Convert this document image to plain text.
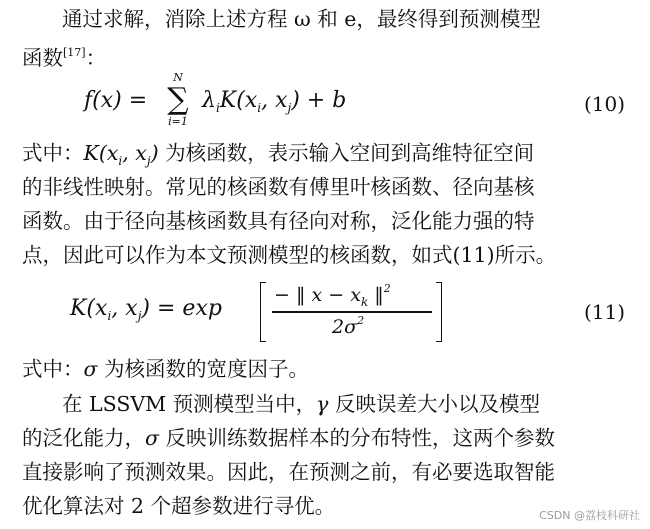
通过求解，消除上述方程 ω 和 e，最终得到预测模型
函数[17]：
f(x) =
N
∑
i=1
$\lambda_iK(x_i$, $x_j) + b$	(10)
式中：$K(x_i$, $x_j$) 为核函数，表示输入空间到高维特征空间
的非线性映射。常见的核函数有傅里叶核函数、径向基核
函数。由于径向基核函数具有径向对称，泛化能力强的特
点，因此可以作为本文预测模型的核函数，如式(11)所示。
$K(x_i$, $x_j) = \exp$
− ‖ $x - x_k$ ‖$^2$
$2\sigma^2$	(11)
式中：σ 为核函数的宽度因子。
在 LSSVM 预测模型当中，γ 反映误差大小以及模型
的泛化能力，σ 反映训练数据样本的分布特性，这两个参数
直接影响了预测效果。因此，在预测之前，有必要选取智能
优化算法对 2 个超参数进行寻优。	CSDN @荔枝科研社
